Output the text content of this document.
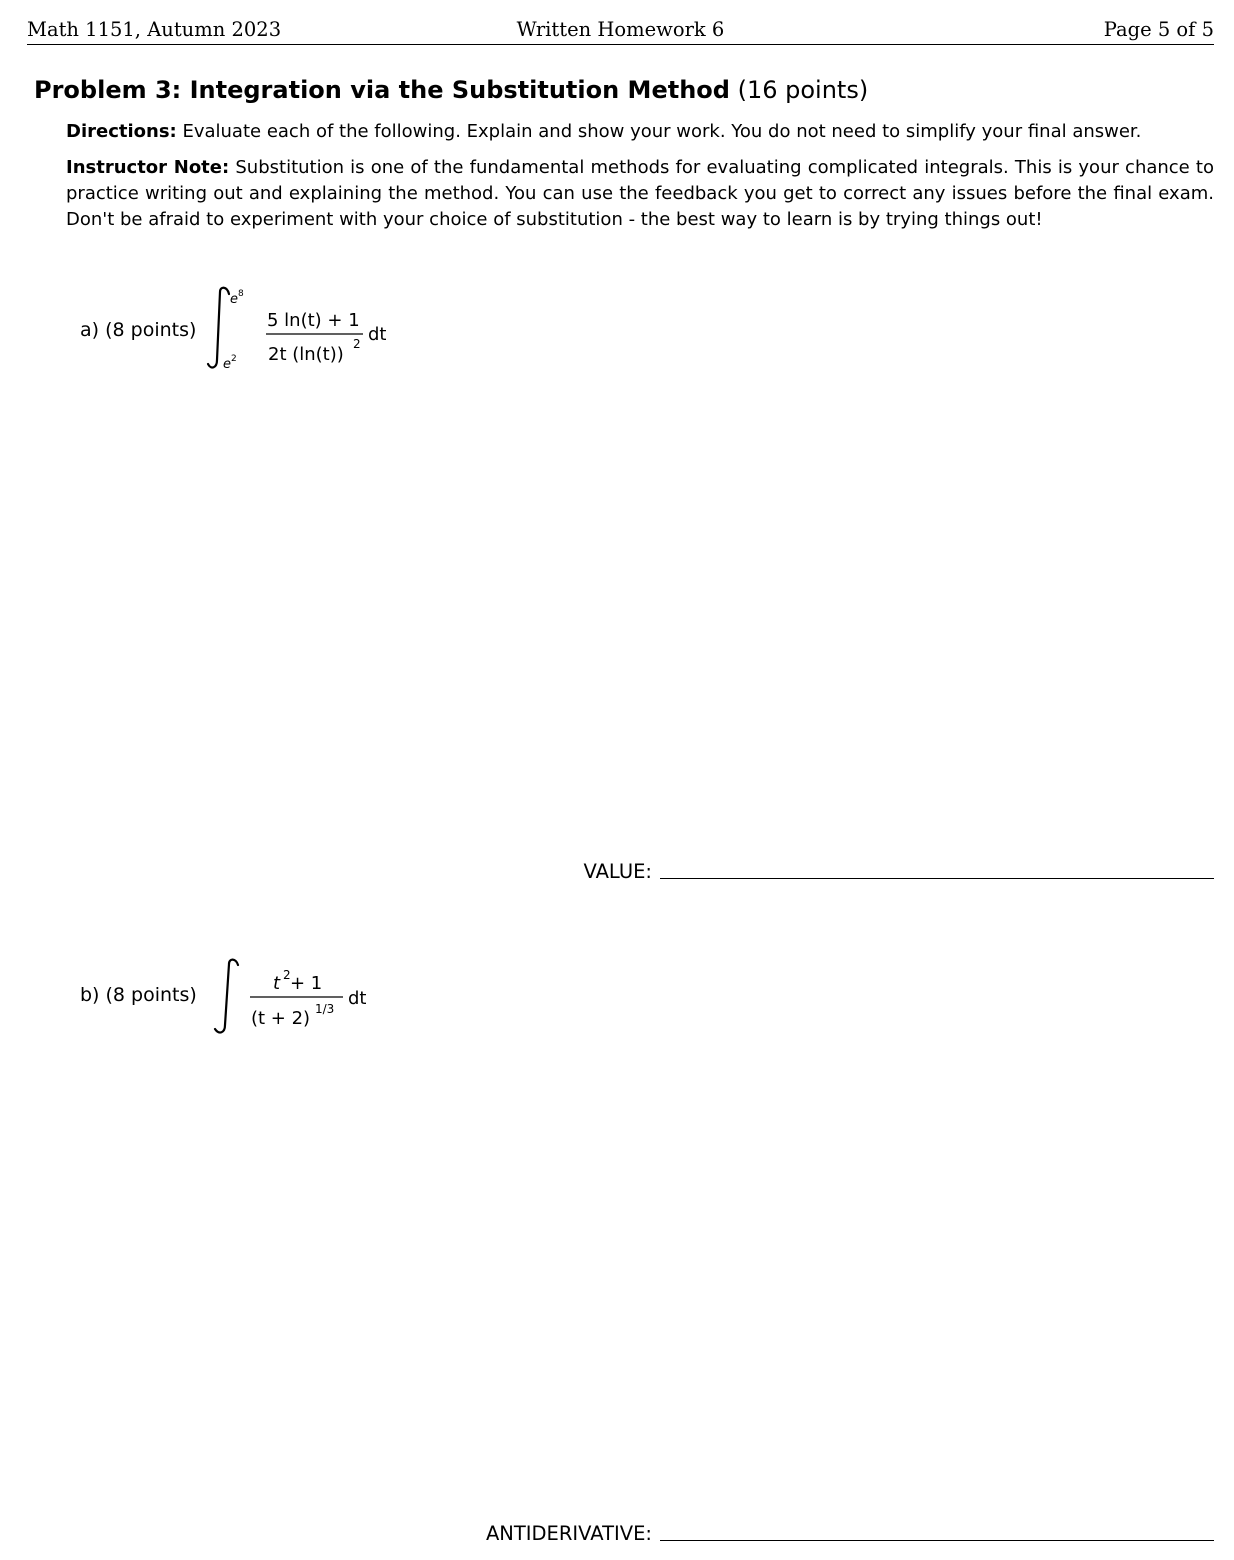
Math 1151, Autumn 2023	Written Homework 6	Page 5 of 5
Problem 3: Integration via the Substitution Method (16 points)
Directions: Evaluate each of the following. Explain and show your work. You do not need to simplify your final answer.
Instructor Note: Substitution is one of the fundamental methods for evaluating complicated integrals. This is your chance to practice writing out and explaining the method. You can use the feedback you get to correct any issues before the final exam. Don't be afraid to experiment with your choice of substitution - the best way to learn is by trying things out!
a) (8 points)
e 8
e 2
5 ln(t) + 1
2t (ln(t)) 2 dt
VALUE:
b) (8 points)
t 2 + 1
(t + 2) 1/3 dt
ANTIDERIVATIVE:
